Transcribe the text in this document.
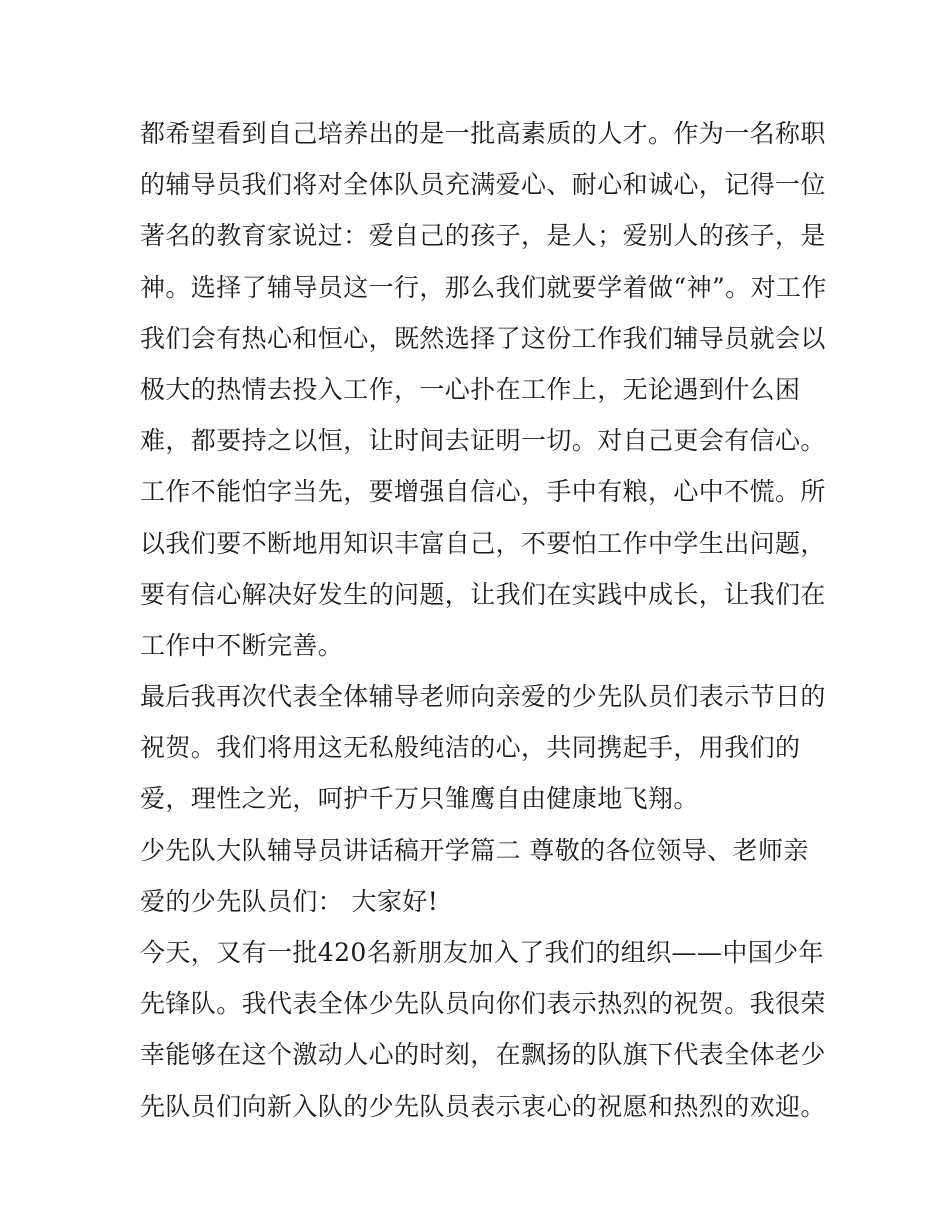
都希望看到自己培养出的是一批高素质的人才。作为一名称职
的辅导员我们将对全体队员充满爱心、耐心和诚心，记得一位
著名的教育家说过：爱自己的孩子，是人；爱别人的孩子，是
神。选择了辅导员这一行，那么我们就要学着做“神”。对工作
我们会有热心和恒心，既然选择了这份工作我们辅导员就会以
极大的热情去投入工作，一心扑在工作上，无论遇到什么困
难，都要持之以恒，让时间去证明一切。对自己更会有信心。
工作不能怕字当先，要增强自信心，手中有粮，心中不慌。所
以我们要不断地用知识丰富自己，不要怕工作中学生出问题，
要有信心解决好发生的问题，让我们在实践中成长，让我们在
工作中不断完善。
最后我再次代表全体辅导老师向亲爱的少先队员们表示节日的
祝贺。我们将用这无私般纯洁的心，共同携起手，用我们的
爱，理性之光，呵护千万只雏鹰自由健康地飞翔。
少先队大队辅导员讲话稿开学篇二 尊敬的各位领导、老师亲
爱的少先队员们： 大家好!
今天，又有一批420名新朋友加入了我们的组织——中国少年
先锋队。我代表全体少先队员向你们表示热烈的祝贺。我很荣
幸能够在这个激动人心的时刻，在飘扬的队旗下代表全体老少
先队员们向新入队的少先队员表示衷心的祝愿和热烈的欢迎。
